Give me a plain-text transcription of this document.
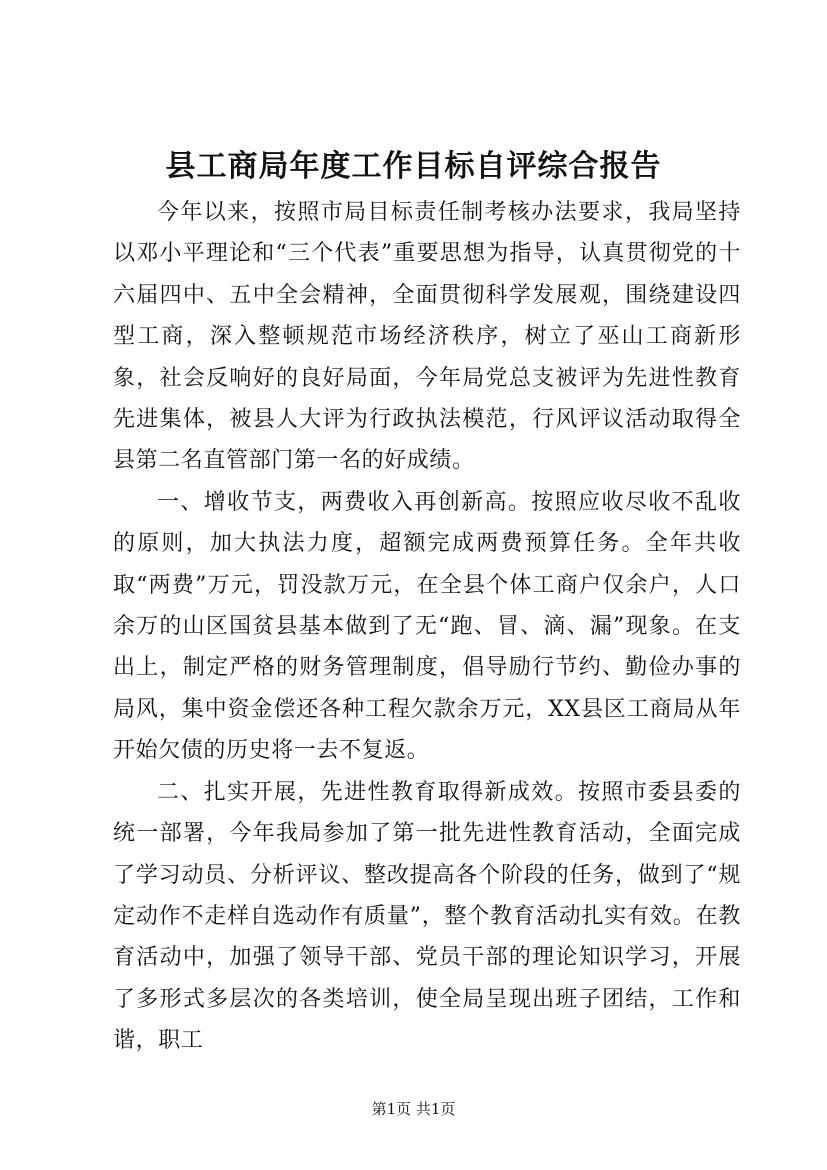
县工商局年度工作目标自评综合报告

今年以来，按照市局目标责任制考核办法要求，我局坚持以邓小平理论和“三个代表”重要思想为指导，认真贯彻党的十六届四中、五中全会精神，全面贯彻科学发展观，围绕建设四型工商，深入整顿规范市场经济秩序，树立了巫山工商新形象，社会反响好的良好局面，今年局党总支被评为先进性教育先进集体，被县人大评为行政执法模范，行风评议活动取得全县第二名直管部门第一名的好成绩。

一、增收节支，两费收入再创新高。按照应收尽收不乱收的原则，加大执法力度，超额完成两费预算任务。全年共收取“两费”万元，罚没款万元，在全县个体工商户仅余户，人口余万的山区国贫县基本做到了无“跑、冒、滴、漏”现象。在支出上，制定严格的财务管理制度，倡导励行节约、勤俭办事的局风，集中资金偿还各种工程欠款余万元，XX县区工商局从年开始欠债的历史将一去不复返。

二、扎实开展，先进性教育取得新成效。按照市委县委的统一部署，今年我局参加了第一批先进性教育活动，全面完成了学习动员、分析评议、整改提高各个阶段的任务，做到了“规定动作不走样自选动作有质量”，整个教育活动扎实有效。在教育活动中，加强了领导干部、党员干部的理论知识学习，开展了多形式多层次的各类培训，使全局呈现出班子团结，工作和谐，职工

第1页 共1页
